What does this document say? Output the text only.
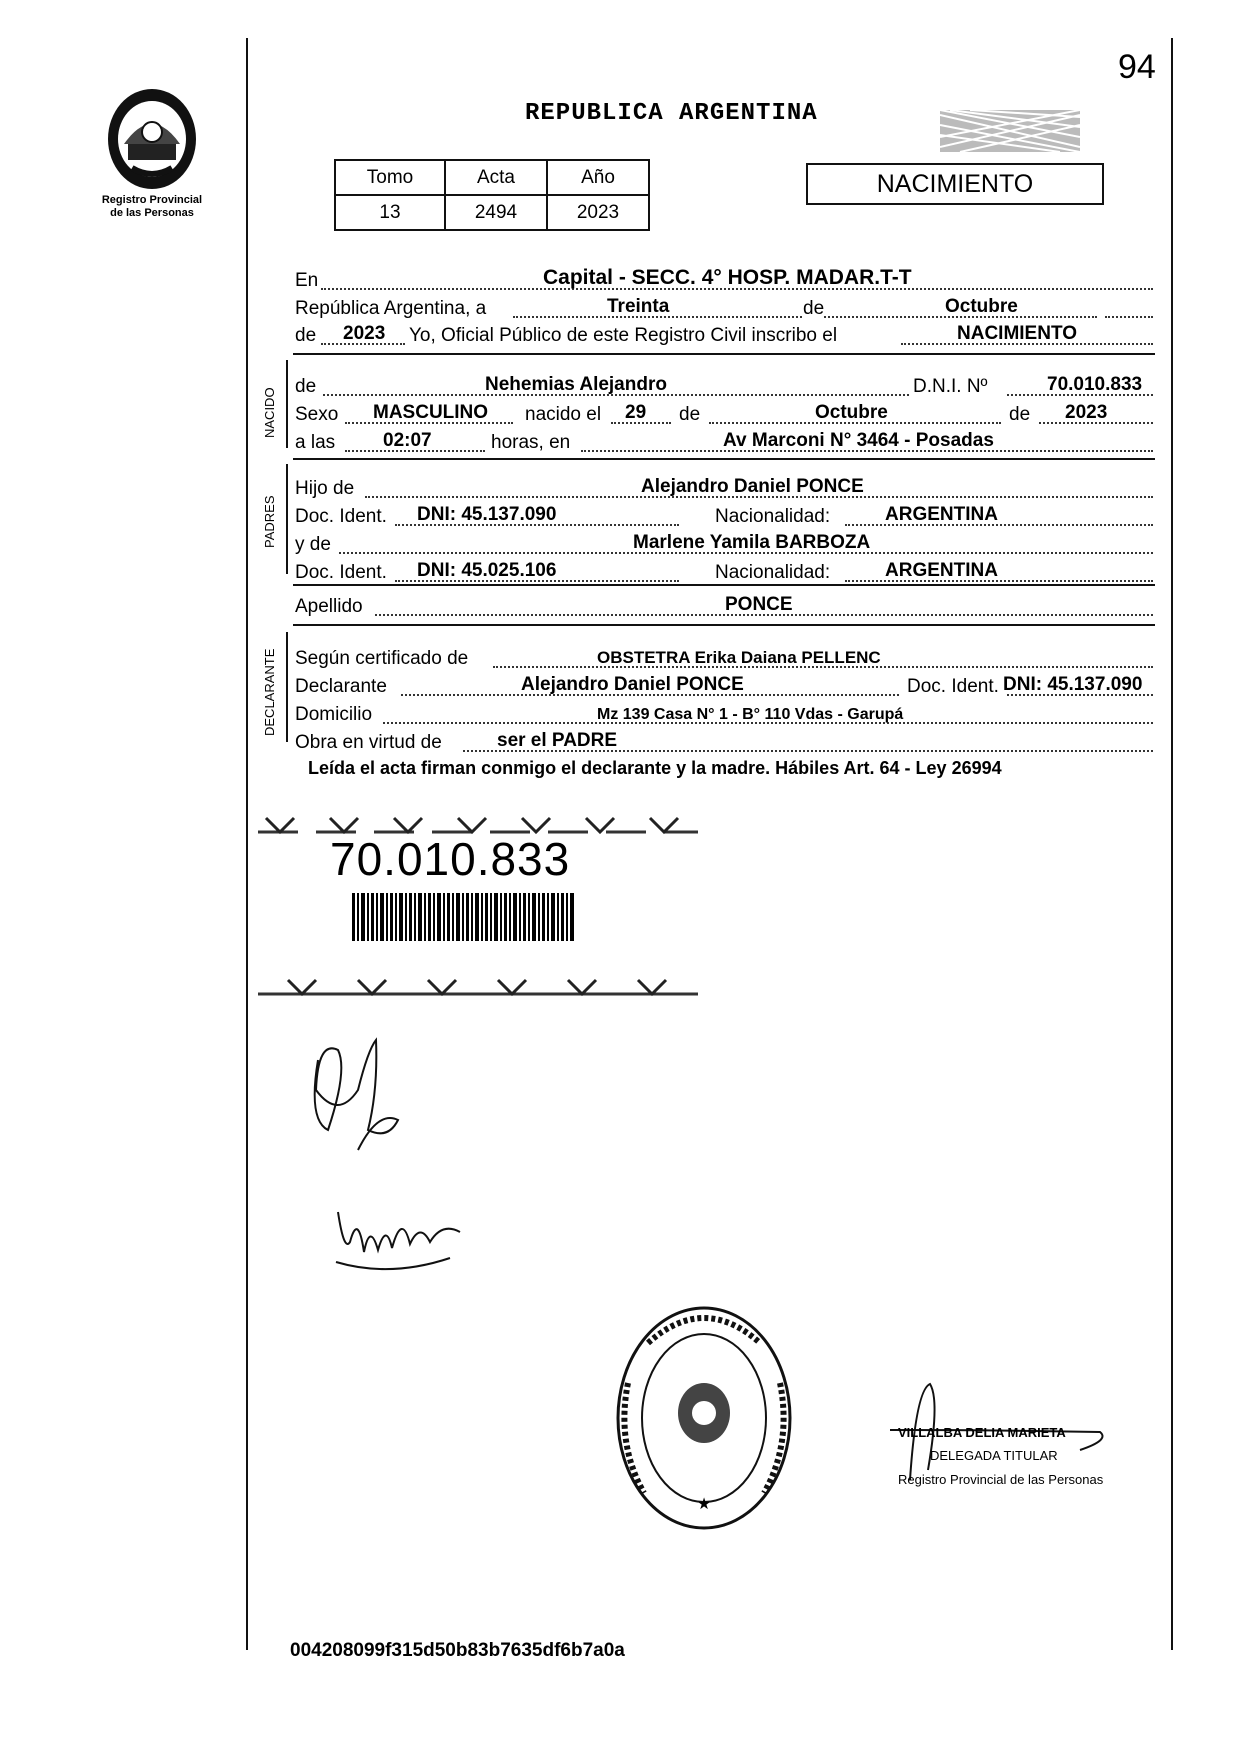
94
Registro Provincial
de las Personas
REPUBLICA ARGENTINA
Tomo	Acta	Año
13	2494	2023
NACIMIENTO
En	Capital - SECC. 4° HOSP. MADAR.T-T
República Argentina, a	Treinta	de	Octubre
de 2023 Yo, Oficial Público de este Registro Civil inscribo el	NACIMIENTO
NACIDO
de	Nehemias Alejandro	D.N.I. Nº	70.010.833
Sexo MASCULINO nacido el 29 de	Octubre	de 2023
a las	02:07	horas, en	Av Marconi N° 3464 - Posadas
PADRES
Hijo de	Alejandro Daniel PONCE
Doc. Ident. DNI: 45.137.090	Nacionalidad:	ARGENTINA
y de	Marlene Yamila BARBOZA
Doc. Ident. DNI: 45.025.106	Nacionalidad:	ARGENTINA
Apellido	PONCE
DECLARANTE Según certificado de	OBSTETRA Erika Daiana PELLENC
Declarante	Alejandro Daniel PONCE	Doc. Ident. DNI: 45.137.090
Domicilio	Mz 139 Casa N° 1 - B° 110 Vdas - Garupá
Obra en virtud de	ser el PADRE
Leída el acta firman conmigo el declarante y la madre. Hábiles Art. 64 - Ley 26994
70.010.833
★
VILLALBA DELIA MARIETA
DELEGADA TITULAR
Registro Provincial de las Personas
004208099f315d50b83b7635df6b7a0a
